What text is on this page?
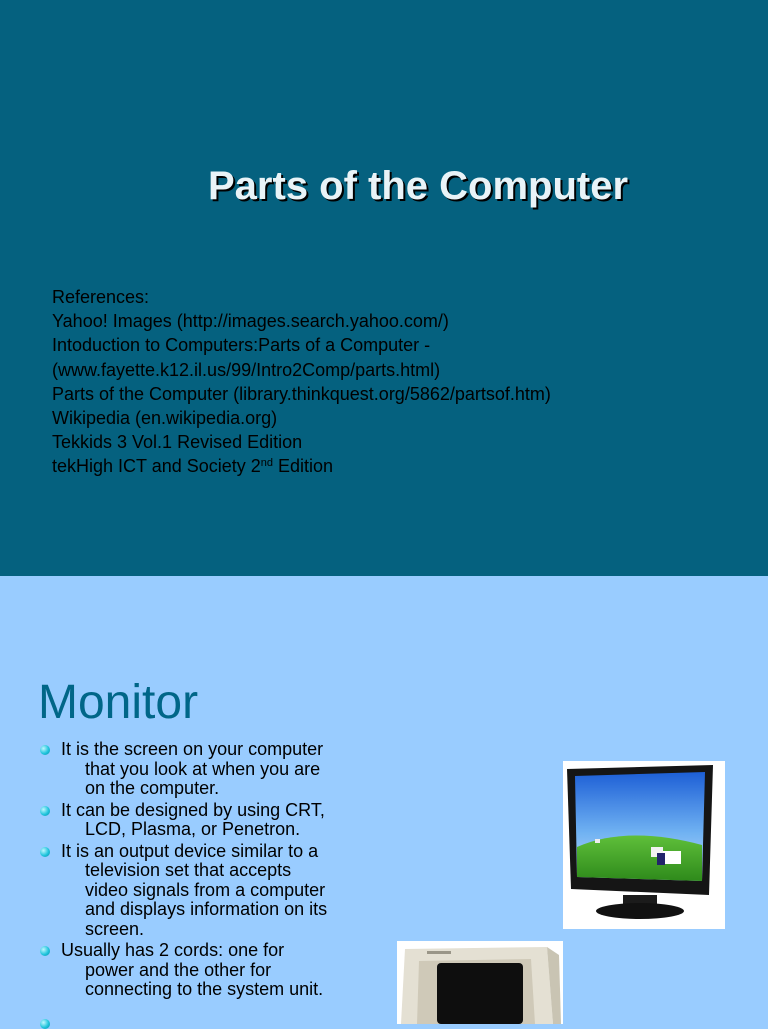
Parts of the Computer
References:
Yahoo! Images (http://images.search.yahoo.com/)
Intoduction to Computers:Parts of a Computer -
(www.fayette.k12.il.us/99/Intro2Comp/parts.html)
Parts of the Computer (library.thinkquest.org/5862/partsof.htm)
Wikipedia (en.wikipedia.org)
Tekkids 3 Vol.1 Revised Edition
tekHigh ICT and Society 2nd Edition
Monitor
It is the screen on your computer
that you look at when you are
on the computer.
It can be designed by using CRT,
LCD, Plasma, or Penetron.
It is an output device similar to a
television set that accepts
video signals from a computer
and displays information on its
screen.
Usually has 2 cords: one for
power and the other for
connecting to the system unit.
